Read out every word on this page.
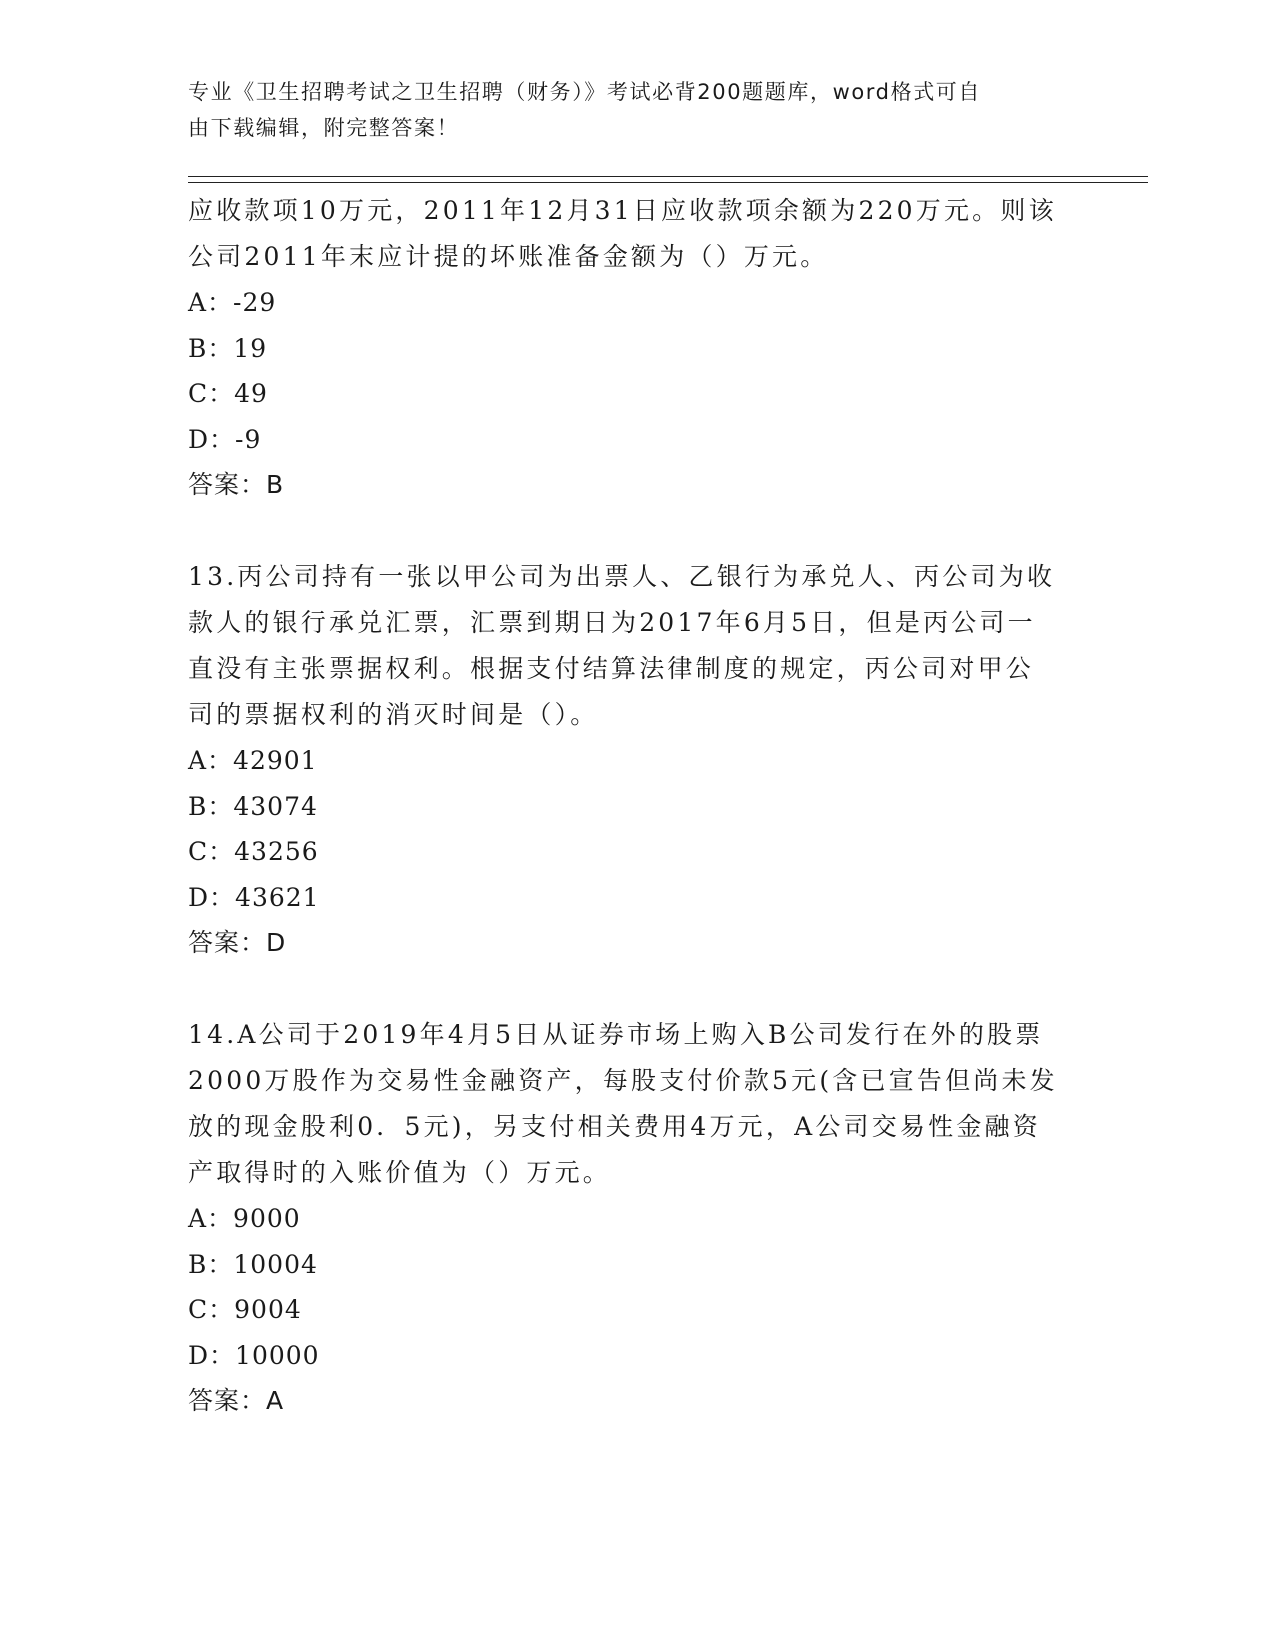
专业《卫生招聘考试之卫生招聘（财务）》考试必背200题题库，word格式可自
由下载编辑，附完整答案！

应收款项10万元，2011年12月31日应收款项余额为220万元。则该

公司2011年末应计提的坏账准备金额为（）万元。

A：-29

B：19

C：49

D：-9

答案：B

13.丙公司持有一张以甲公司为出票人、乙银行为承兑人、丙公司为收

款人的银行承兑汇票，汇票到期日为2017年6月5日，但是丙公司一

直没有主张票据权利。根据支付结算法律制度的规定，丙公司对甲公

司的票据权利的消灭时间是（）。

A：42901

B：43074

C：43256

D：43621

答案：D

14.A公司于2019年4月5日从证券市场上购入B公司发行在外的股票

2000万股作为交易性金融资产，每股支付价款5元(含已宣告但尚未发

放的现金股利0．5元)，另支付相关费用4万元，A公司交易性金融资

产取得时的入账价值为（）万元。

A：9000

B：10004

C：9004

D：10000

答案：A
